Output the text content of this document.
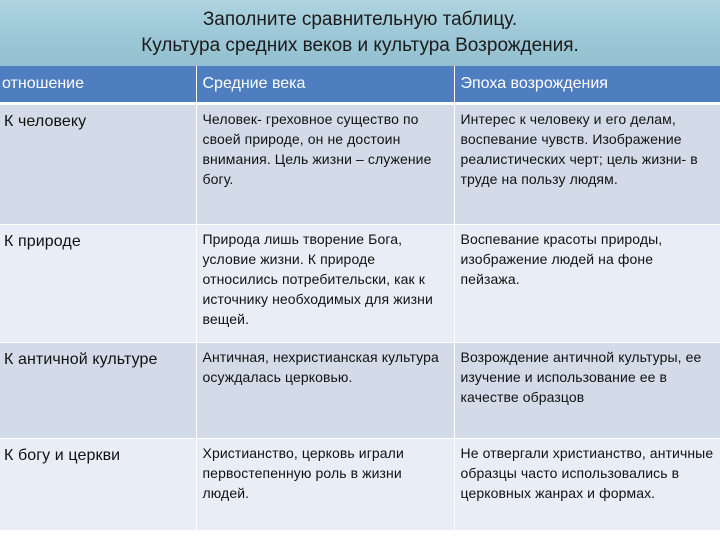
Заполните сравнительную таблицу.
Культура средних веков и культура Возрождения.
отношение	Средние века	Эпоха возрождения
К человеку	Человек- греховное существо по своей природе, он не достоин внимания. Цель жизни – служение богу.	Интерес к человеку и его делам, воспевание чувств. Изображение реалистических черт; цель жизни- в труде на пользу людям.
К природе	Природа лишь творение Бога, условие жизни. К природе относились потребительски, как к источнику необходимых для жизни вещей.	Воспевание красоты природы, изображение людей на фоне пейзажа.
К античной культуре	Античная, нехристианская культура осуждалась церковью.	Возрождение античной культуры, ее изучение и использование ее в качестве образцов
К богу и церкви	Христианство, церковь играли первостепенную роль в жизни людей.	Не отвергали христианство, античные образцы часто использовались в церковных жанрах и формах.
